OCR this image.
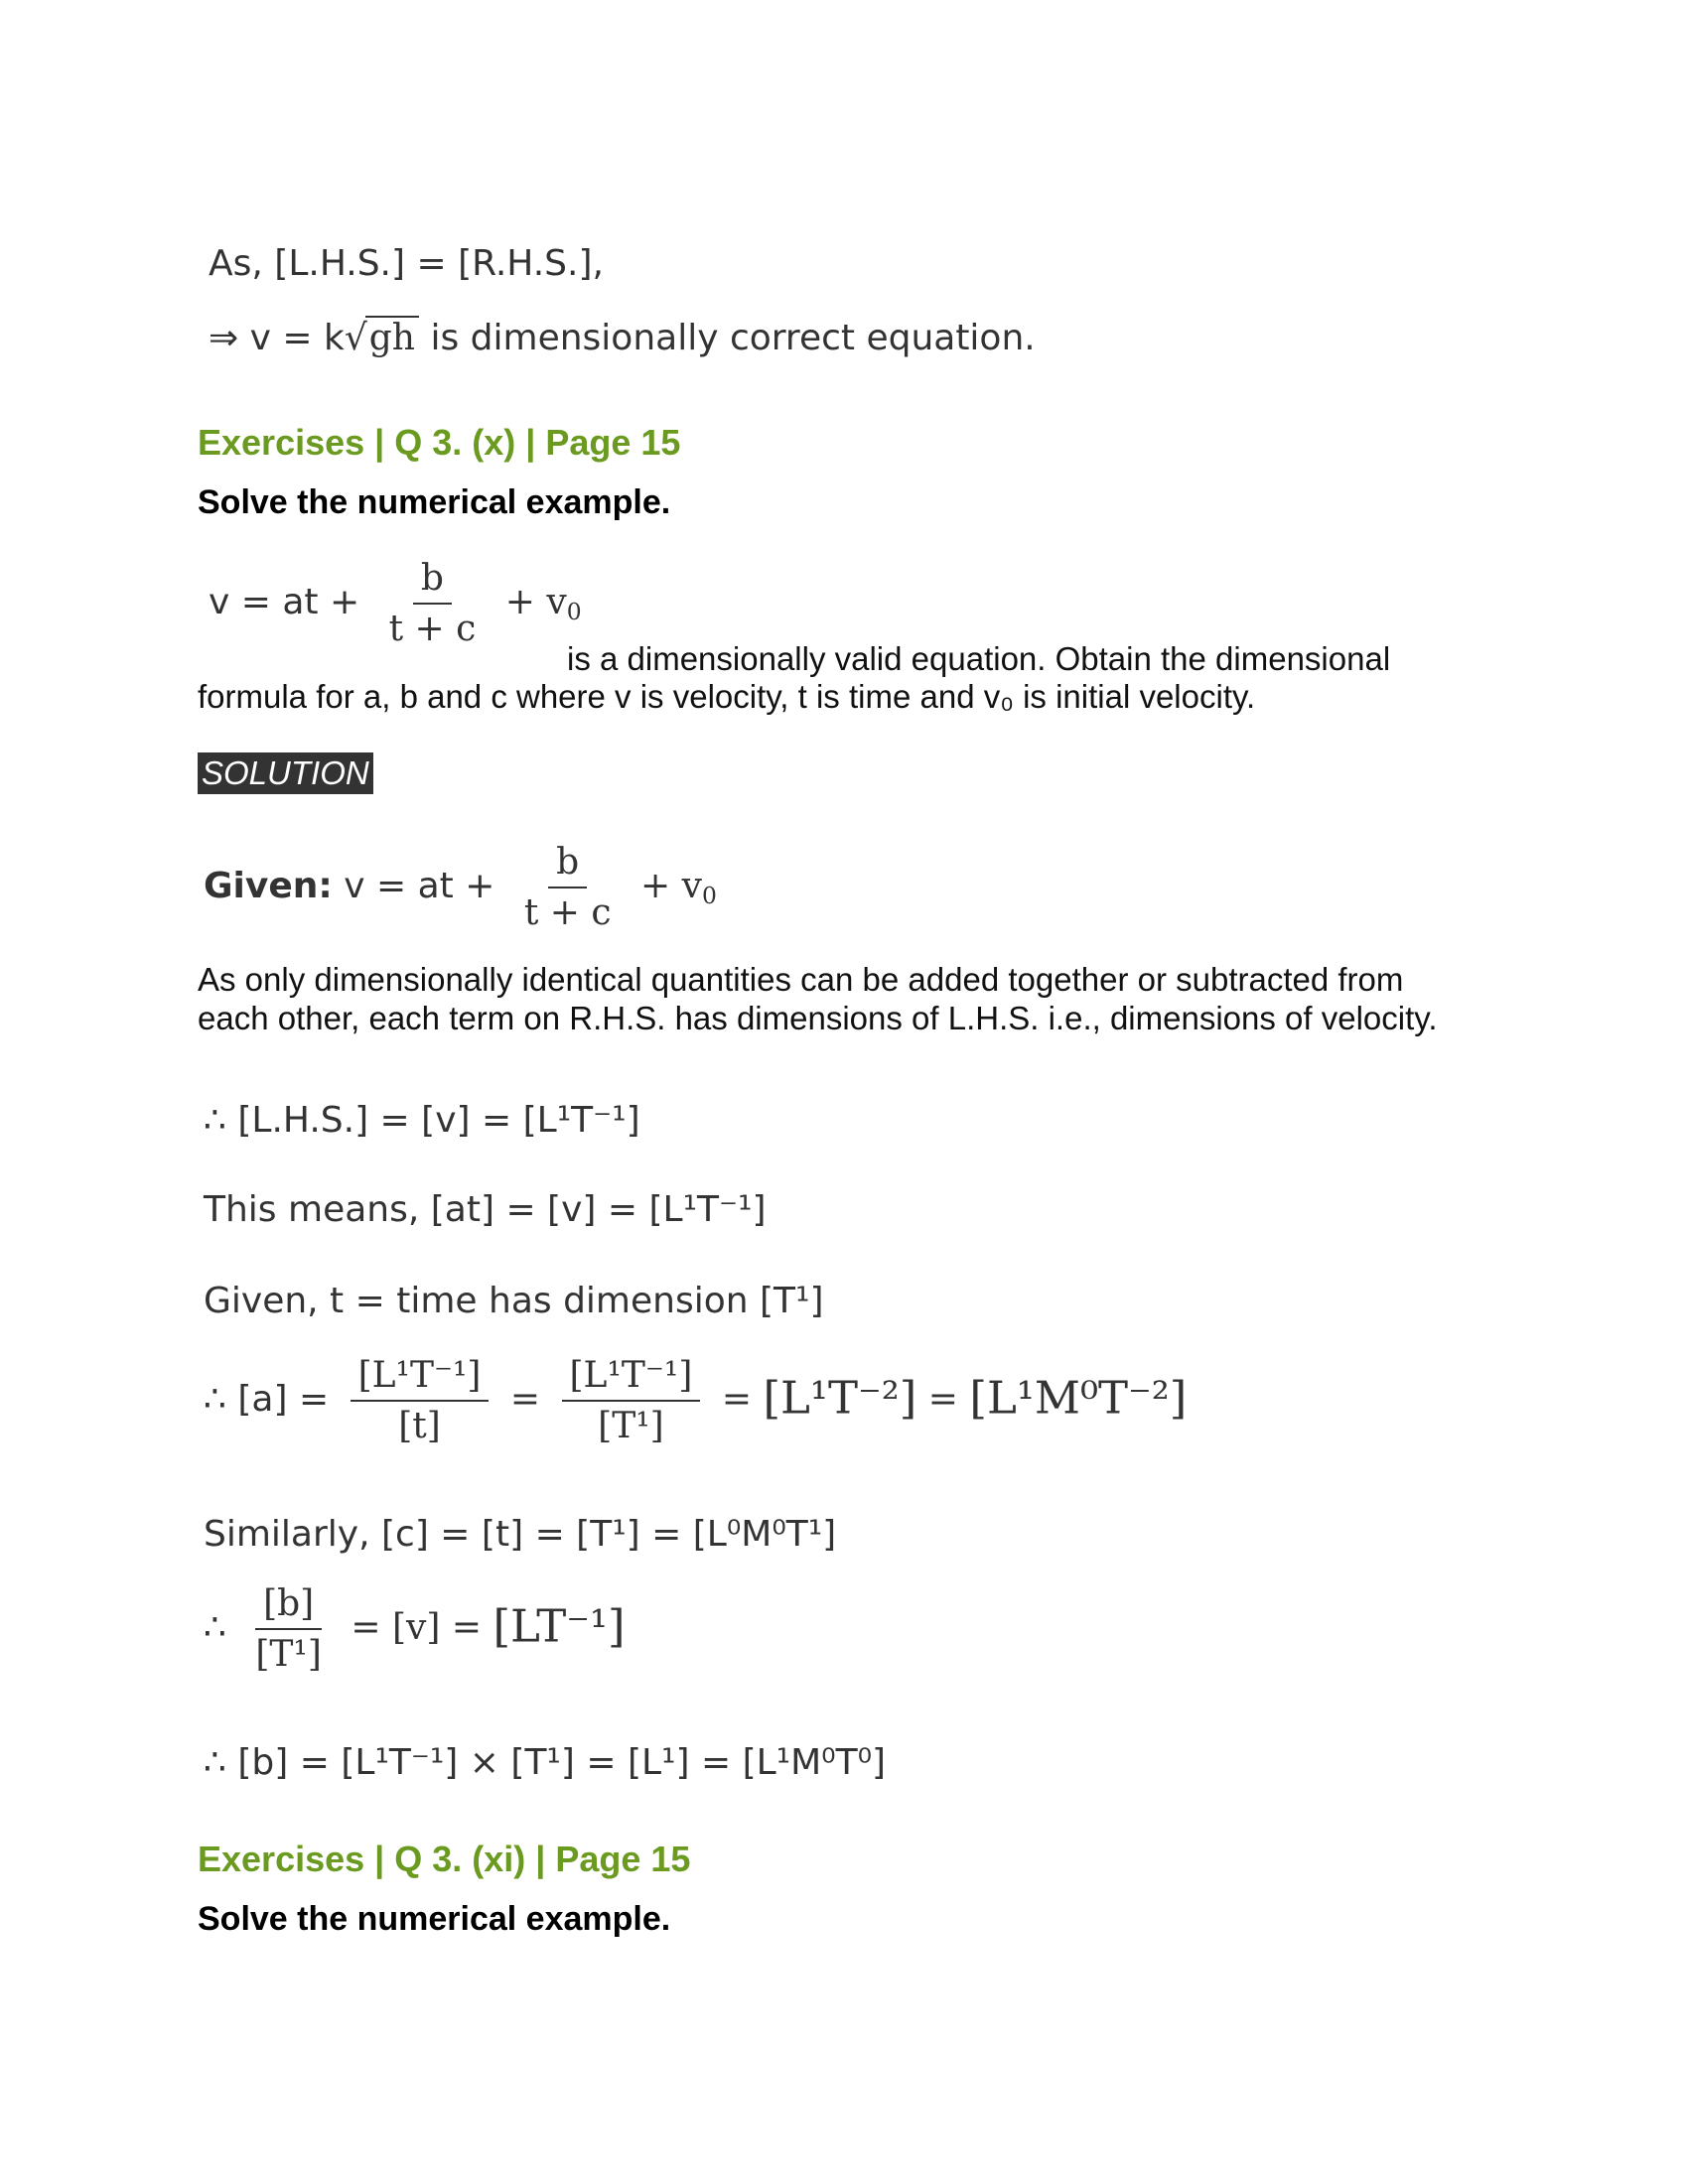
As, [L.H.S.] = [R.H.S.],
⇒ v = k√gh is dimensionally correct equation.
Exercises | Q 3. (x) | Page 15
Solve the numerical example.
v = at + $\frac{b}{t + c} + v_0$
is a dimensionally valid equation. Obtain the dimensional
formula for a, b and c where v is velocity, t is time and v₀ is initial velocity.
SOLUTION
Given: v = at + $\frac{b}{t + c} + v_0$
As only dimensionally identical quantities can be added together or subtracted from
each other, each term on R.H.S. has dimensions of L.H.S. i.e., dimensions of velocity.
∴ [L.H.S.] = [v] = [L¹T⁻¹]
This means, [at] = [v] = [L¹T⁻¹]
Given, t = time has dimension [T¹]
∴ $[a] = \frac{\text{[L¹T⁻¹]}}{[t]} = \frac{\text{[L¹T⁻¹]}}{\text{[T¹]}} = [L^1T^{-2}] = [L^1M^0T^{-2}]$
Similarly, [c] = [t] = [T¹] = [L⁰M⁰T¹]
∴ $\frac{[b]}{\text{[T¹]}} = [v] = [LT^{-1}]$
∴ [b] = [L¹T⁻¹] × [T¹] = [L¹] = [L¹M⁰T⁰]
Exercises | Q 3. (xi) | Page 15
Solve the numerical example.
